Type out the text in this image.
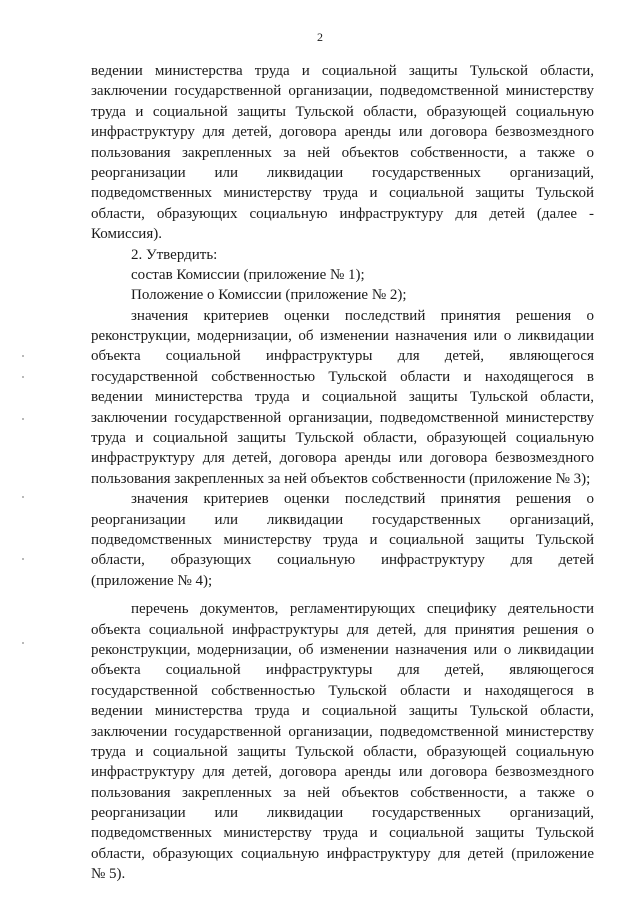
2
ведении министерства труда и социальной защиты Тульской области,
заключении государственной организации, подведомственной министерству
труда и социальной защиты Тульской области, образующей социальную
инфраструктуру для детей, договора аренды или договора безвозмездного
пользования закрепленных за ней объектов собственности, а также о
реорганизации или ликвидации государственных организаций,
подведомственных министерству труда и социальной защиты Тульской
области, образующих социальную инфраструктуру для детей (далее -
Комиссия).
2. Утвердить:
состав Комиссии (приложение № 1);
Положение о Комиссии (приложение № 2);
значения критериев оценки последствий принятия решения о
реконструкции, модернизации, об изменении назначения или о ликвидации
объекта социальной инфраструктуры для детей, являющегося
государственной собственностью Тульской области и находящегося в
ведении министерства труда и социальной защиты Тульской области,
заключении государственной организации, подведомственной министерству
труда и социальной защиты Тульской области, образующей социальную
инфраструктуру для детей, договора аренды или договора безвозмездного
пользования закрепленных за ней объектов собственности (приложение № 3);
значения критериев оценки последствий принятия решения о
реорганизации или ликвидации государственных организаций,
подведомственных министерству труда и социальной защиты Тульской
области, образующих социальную инфраструктуру для детей
(приложение № 4);
перечень документов, регламентирующих специфику деятельности
объекта социальной инфраструктуры для детей, для принятия решения о
реконструкции, модернизации, об изменении назначения или о ликвидации
объекта социальной инфраструктуры для детей, являющегося
государственной собственностью Тульской области и находящегося в
ведении министерства труда и социальной защиты Тульской области,
заключении государственной организации, подведомственной министерству
труда и социальной защиты Тульской области, образующей социальную
инфраструктуру для детей, договора аренды или договора безвозмездного
пользования закрепленных за ней объектов собственности, а также о
реорганизации или ликвидации государственных организаций,
подведомственных министерству труда и социальной защиты Тульской
области, образующих социальную инфраструктуру для детей (приложение
№ 5).
